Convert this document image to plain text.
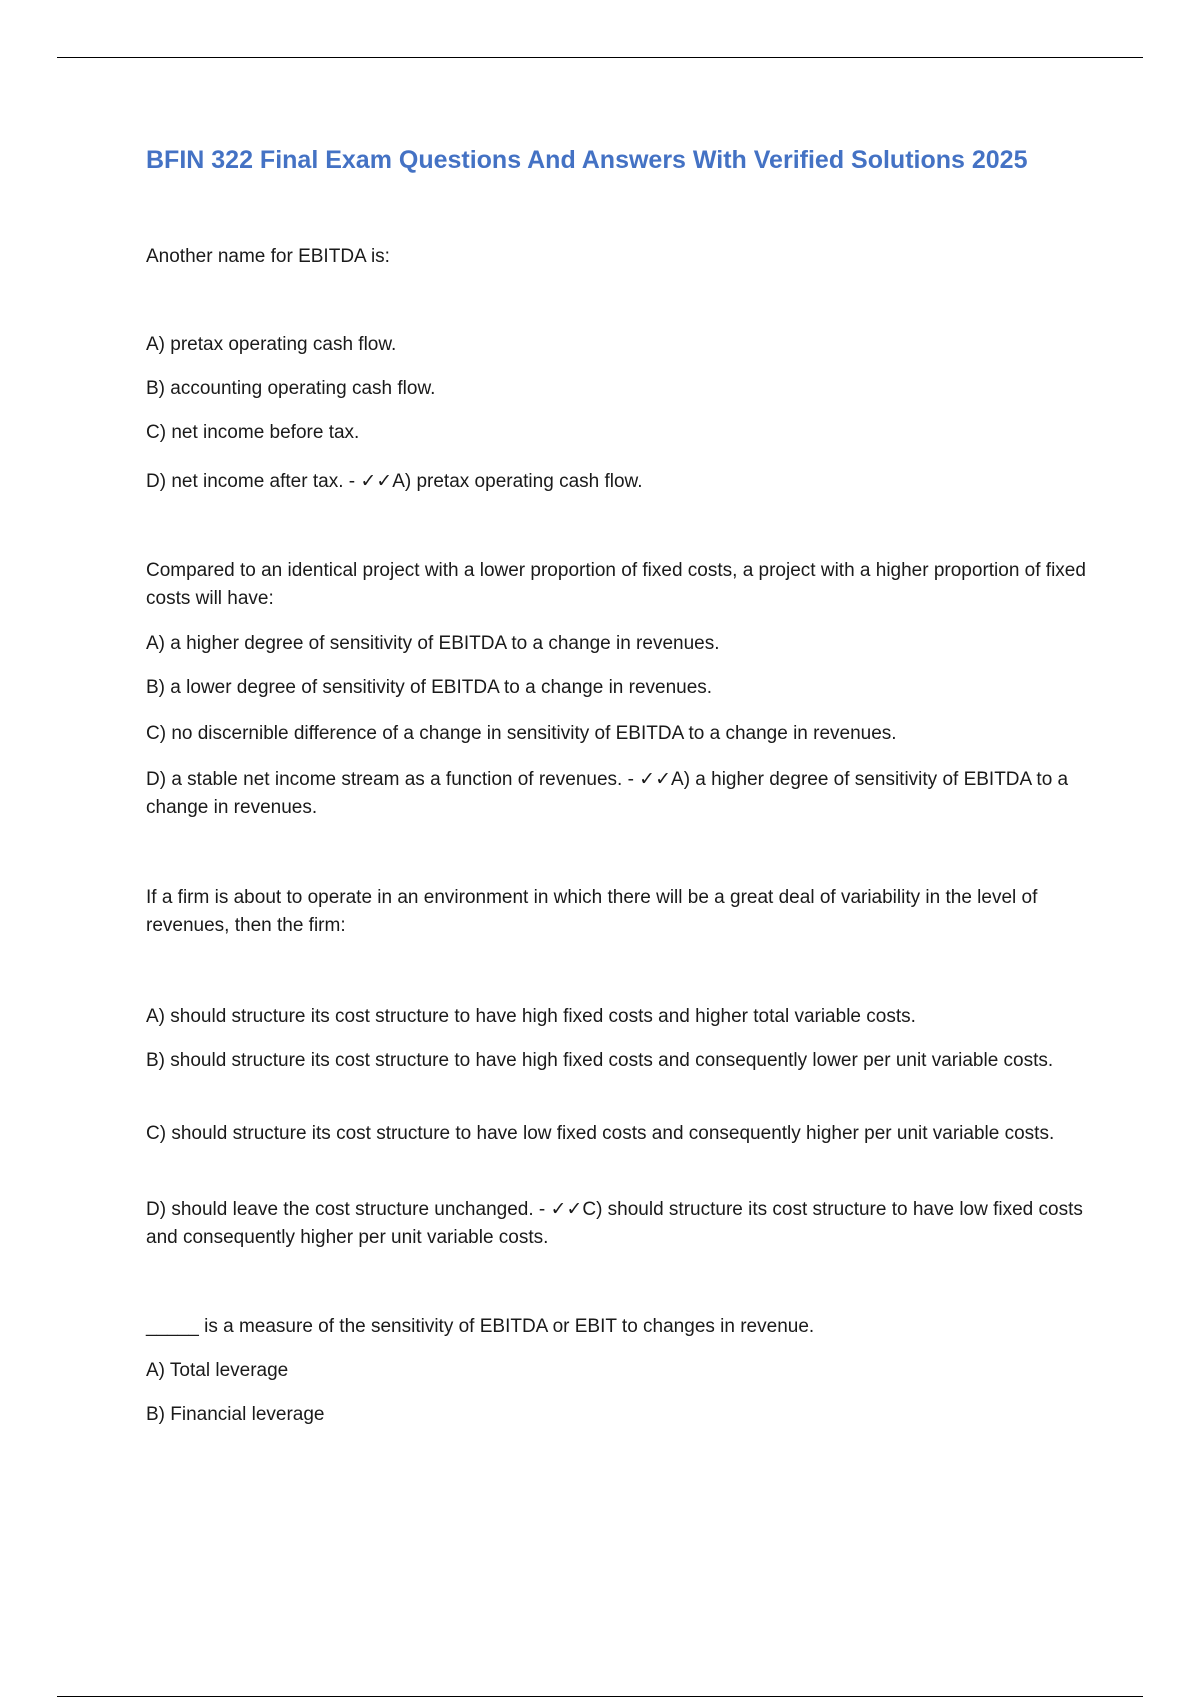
BFIN 322 Final Exam Questions And Answers With Verified Solutions 2025
Another name for EBITDA is:
A) pretax operating cash flow.
B) accounting operating cash flow.
C) net income before tax.
D) net income after tax. - ✓✓A) pretax operating cash flow.
Compared to an identical project with a lower proportion of fixed costs, a project with a higher proportion of fixed costs will have:
A) a higher degree of sensitivity of EBITDA to a change in revenues.
B) a lower degree of sensitivity of EBITDA to a change in revenues.
C) no discernible difference of a change in sensitivity of EBITDA to a change in revenues.
D) a stable net income stream as a function of revenues. - ✓✓A) a higher degree of sensitivity of EBITDA to a change in revenues.
If a firm is about to operate in an environment in which there will be a great deal of variability in the level of revenues, then the firm:
A) should structure its cost structure to have high fixed costs and higher total variable costs.
B) should structure its cost structure to have high fixed costs and consequently lower per unit variable costs.
C) should structure its cost structure to have low fixed costs and consequently higher per unit variable costs.
D) should leave the cost structure unchanged. - ✓✓C) should structure its cost structure to have low fixed costs and consequently higher per unit variable costs.
_____ is a measure of the sensitivity of EBITDA or EBIT to changes in revenue.
A) Total leverage
B) Financial leverage
